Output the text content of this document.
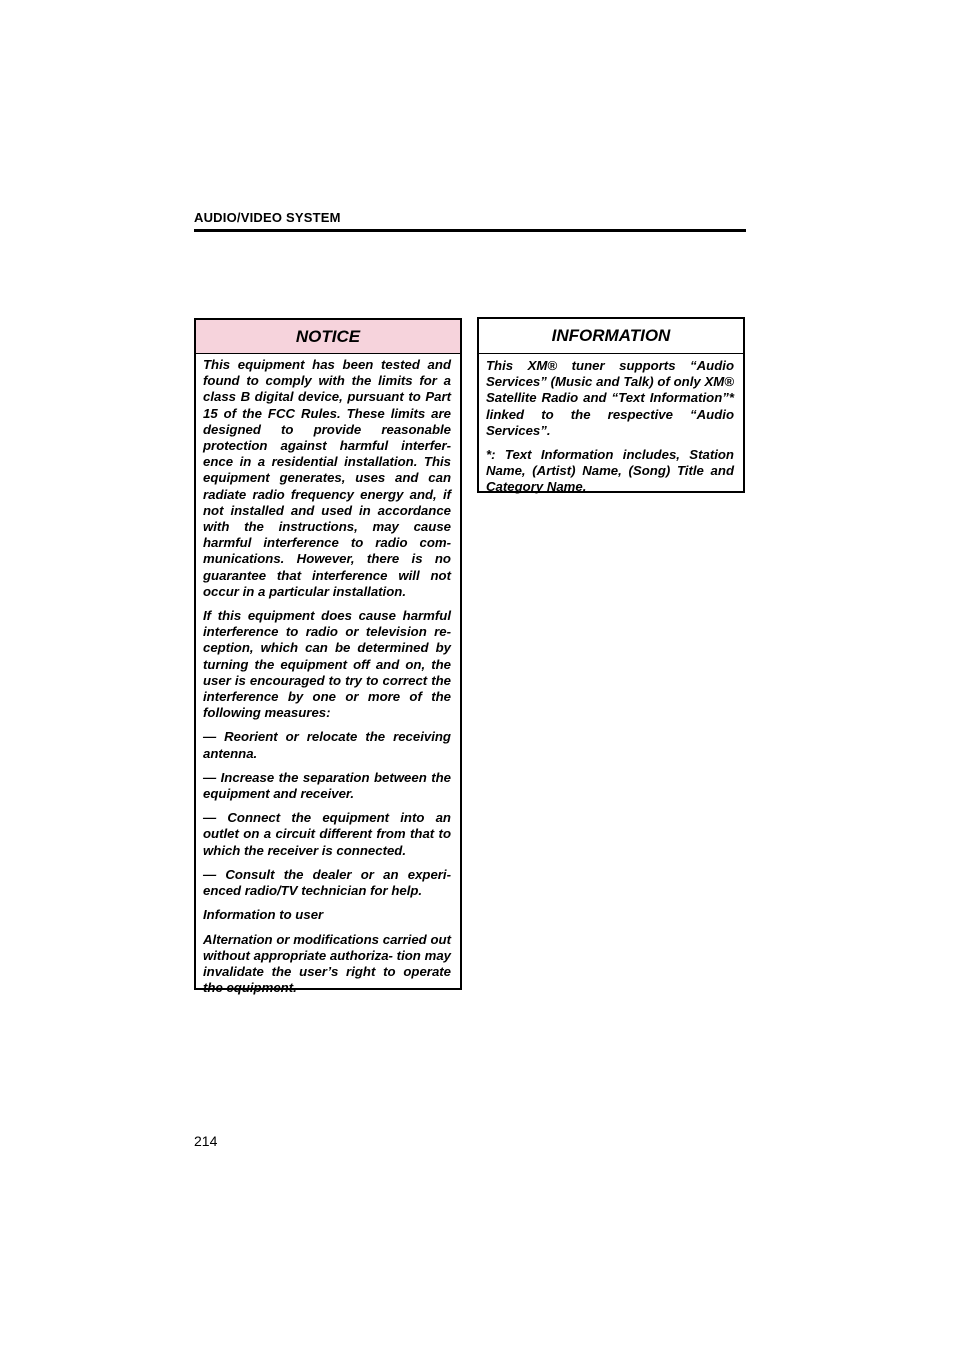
AUDIO/VIDEO SYSTEM
NOTICE

This equipment has been tested and found to comply with the limits for a class B digital device, pursuant to Part 15 of the FCC Rules. These limits are designed to provide reasonable protection against harmful interfer- ence in a residential installation. This equipment generates, uses and can radiate radio frequency energy and, if not installed and used in accordance with the instructions, may cause harmful interference to radio com- munications. However, there is no guarantee that interference will not occur in a particular installation.

If this equipment does cause harmful interference to radio or television re- ception, which can be determined by turning the equipment off and on, the user is encouraged to try to correct the interference by one or more of the following measures:

— Reorient or relocate the receiving antenna.

— Increase the separation between the equipment and receiver.

— Connect the equipment into an outlet on a circuit different from that to which the receiver is connected.

— Consult the dealer or an experi- enced radio/TV technician for help.

Information to user

Alternation or modifications carried out without appropriate authoriza- tion may invalidate the user’s right to operate the equipment.

INFORMATION

This XM® tuner supports “Audio Services” (Music and Talk) of only XM® Satellite Radio and “Text Information”* linked to the respective “Audio Services”.

*: Text Information includes, Station Name, (Artist) Name, (Song) Title and Category Name.

214
